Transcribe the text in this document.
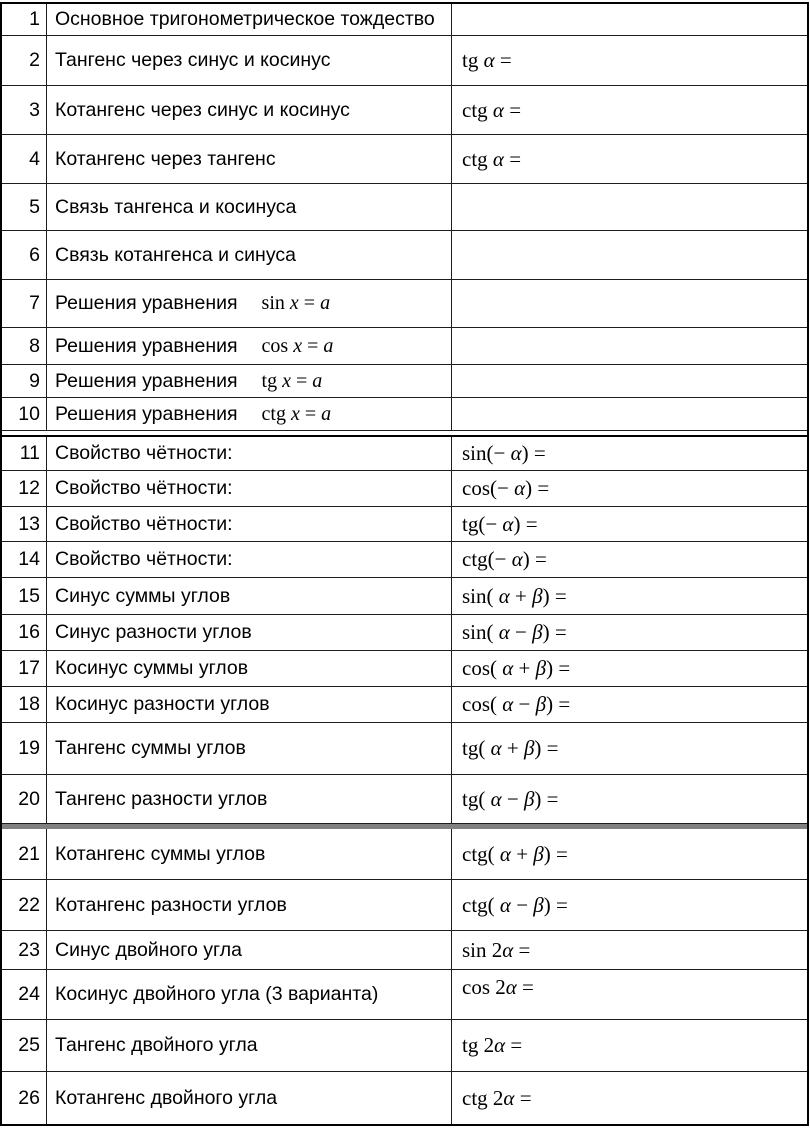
1 Основное тригонометрическое тождество
2 Тангенс через синус и косинус	tg α =
3 Котангенс через синус и косинус	ctg α =
4 Котангенс через тангенс	ctg α =
5 Связь тангенса и косинуса
6 Связь котангенса и синуса
7 Решения уравнения sin x = a
8 Решения уравнения cos x = a
9 Решения уравнения tg x = a
10 Решения уравнения ctg x = a
11 Свойство чётности:	sin(− α) =
12 Свойство чётности:	cos(− α) =
13 Свойство чётности:	tg(− α) =
14 Свойство чётности:	ctg(− α) =
15 Синус суммы углов	sin( α + β) =
16 Синус разности углов	sin( α − β) =
17 Косинус суммы углов	cos( α + β) =
18 Косинус разности углов	cos( α − β) =
19 Тангенс суммы углов	tg( α + β) =
20 Тангенс разности углов	tg( α − β) =
21 Котангенс суммы углов	ctg( α + β) =
22 Котангенс разности углов	ctg( α − β) =
23 Синус двойного угла	sin 2α =
24 Косинус двойного угла (3 варианта)	cos 2α =
25 Тангенс двойного угла	tg 2α =
26 Котангенс двойного угла	ctg 2α =
